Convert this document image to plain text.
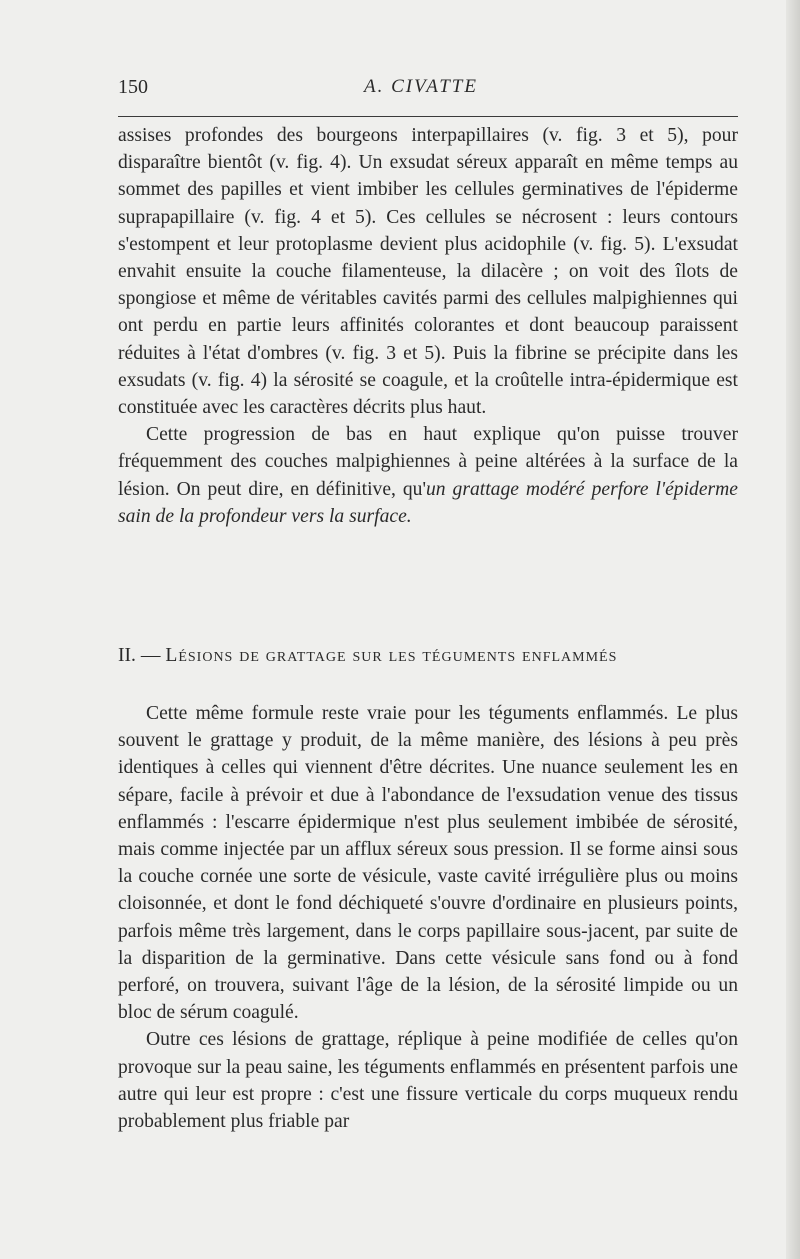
150	A. CIVATTE

assises profondes des bourgeons interpapillaires (v. fig. 3 et 5), pour disparaître bientôt (v. fig. 4). Un exsudat séreux apparaît en même temps au sommet des papilles et vient imbiber les cellules germinatives de l'épiderme suprapapillaire (v. fig. 4 et 5). Ces cellules se nécrosent : leurs contours s'estompent et leur protoplasme devient plus acidophile (v. fig. 5). L'exsudat envahit ensuite la couche filamenteuse, la dilacère ; on voit des îlots de spongiose et même de véritables cavités parmi des cellules malpighiennes qui ont perdu en partie leurs affinités colorantes et dont beaucoup paraissent réduites à l'état d'ombres (v. fig. 3 et 5). Puis la fibrine se précipite dans les exsudats (v. fig. 4) la sérosité se coagule, et la croûtelle intra-épidermique est constituée avec les caractères décrits plus haut.

Cette progression de bas en haut explique qu'on puisse trouver fréquemment des couches malpighiennes à peine altérées à la surface de la lésion. On peut dire, en définitive, qu'un grattage modéré perfore l'épiderme sain de la profondeur vers la surface.

II. — Lésions de grattage sur les téguments enflammés

Cette même formule reste vraie pour les téguments enflammés. Le plus souvent le grattage y produit, de la même manière, des lésions à peu près identiques à celles qui viennent d'être décrites. Une nuance seulement les en sépare, facile à prévoir et due à l'abondance de l'exsudation venue des tissus enflammés : l'escarre épidermique n'est plus seulement imbibée de sérosité, mais comme injectée par un afflux séreux sous pression. Il se forme ainsi sous la couche cornée une sorte de vésicule, vaste cavité irrégulière plus ou moins cloisonnée, et dont le fond déchiqueté s'ouvre d'ordinaire en plusieurs points, parfois même très largement, dans le corps papillaire sous-jacent, par suite de la disparition de la germinative. Dans cette vésicule sans fond ou à fond perforé, on trouvera, suivant l'âge de la lésion, de la sérosité limpide ou un bloc de sérum coagulé.

Outre ces lésions de grattage, réplique à peine modifiée de celles qu'on provoque sur la peau saine, les téguments enflammés en présentent parfois une autre qui leur est propre : c'est une fissure verticale du corps muqueux rendu probablement plus friable par
